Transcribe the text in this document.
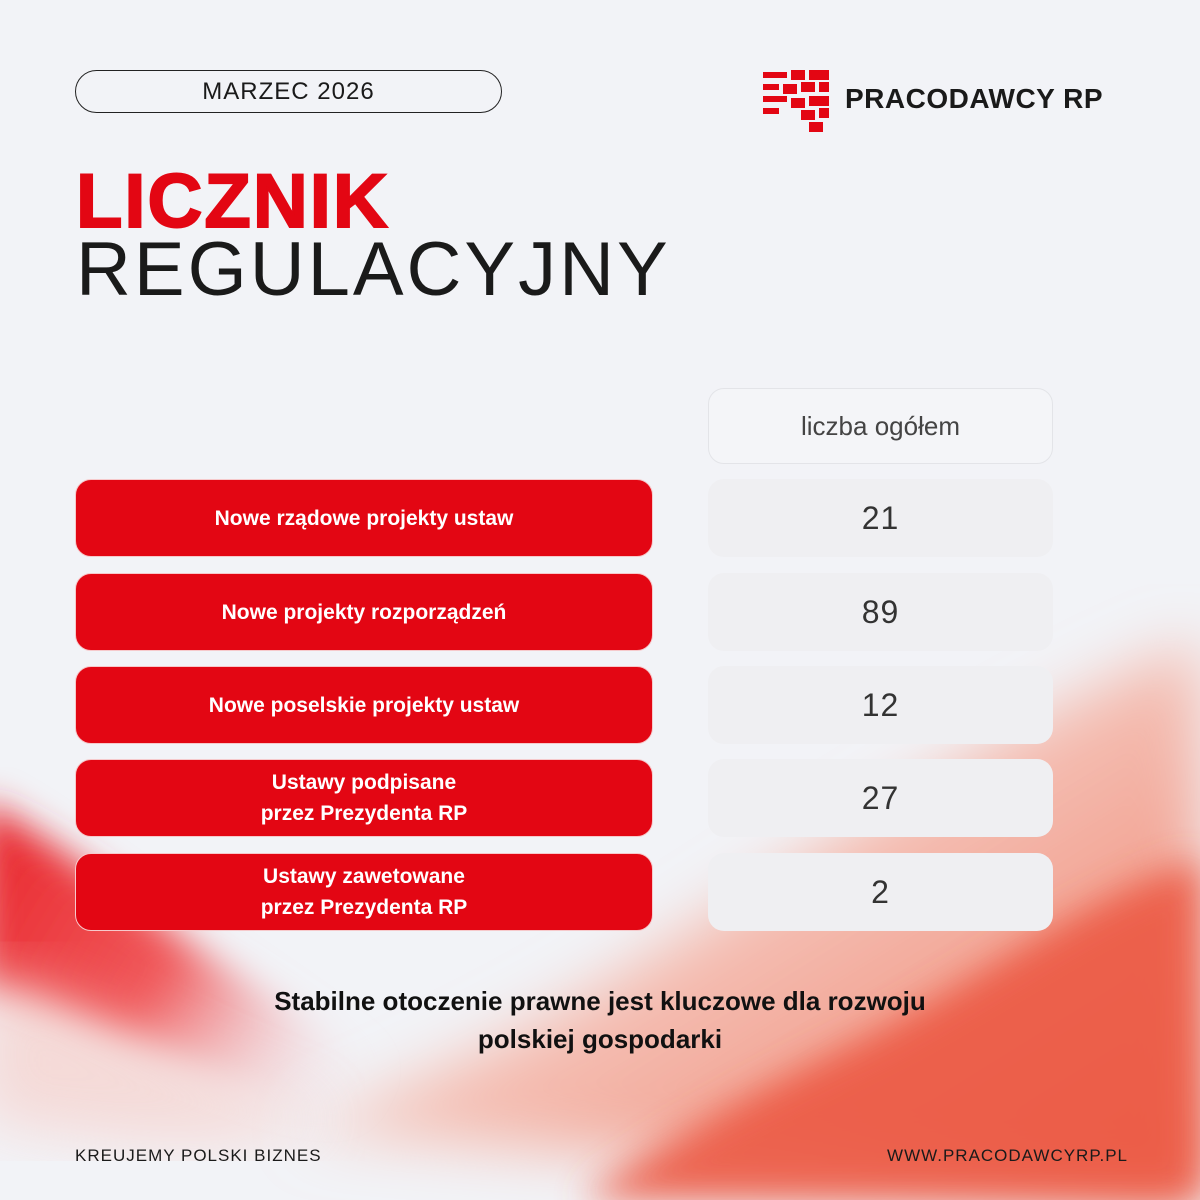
MARZEC 2026	PRACODAWCY RP
LICZNIK
REGULACYJNY
liczba ogółem
Nowe rządowe projekty ustaw	21
Nowe projekty rozporządzeń	89
Nowe poselskie projekty ustaw	12
Ustawy podpisane
przez Prezydenta RP	27
Ustawy zawetowane
przez Prezydenta RP	2
Stabilne otoczenie prawne jest kluczowe dla rozwoju
polskiej gospodarki
KREUJEMY POLSKI BIZNES	WWW.PRACODAWCYRP.PL
